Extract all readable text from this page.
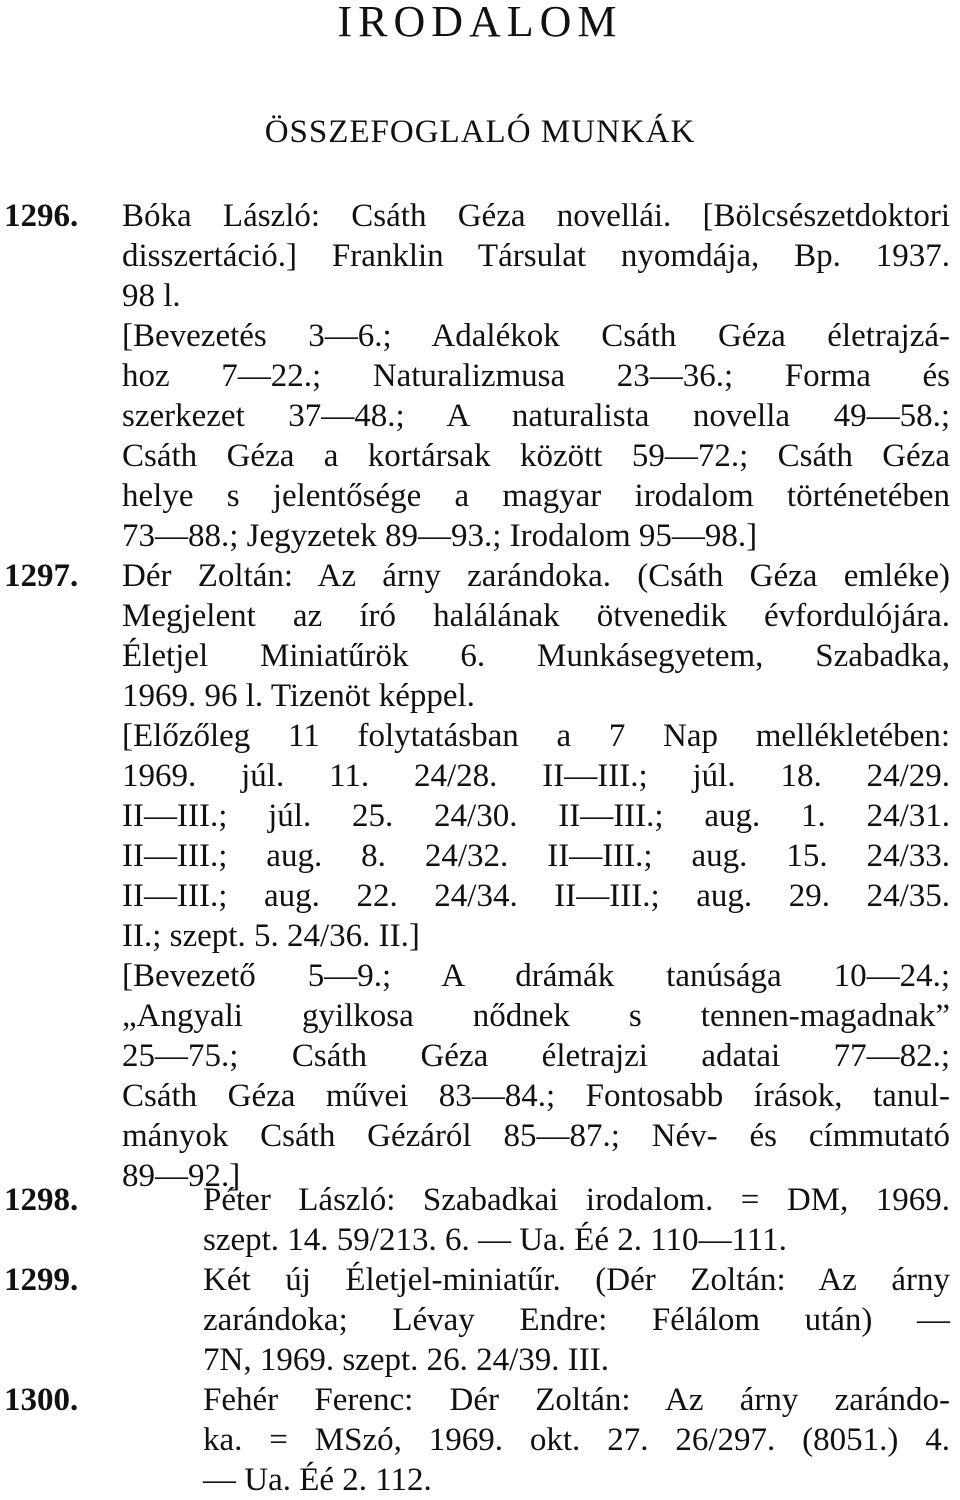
IRODALOM
ÖSSZEFOGLALÓ MUNKÁK
1296. Bóka László: Csáth Géza novellái. [Bölcsészetdoktori
disszertáció.] Franklin Társulat nyomdája, Bp. 1937.
98 l.
[Bevezetés 3—6.; Adalékok Csáth Géza életrajzá-
hoz 7—22.; Naturalizmusa 23—36.; Forma és
szerkezet 37—48.; A naturalista novella 49—58.;
Csáth Géza a kortársak között 59—72.; Csáth Géza
helye s jelentősége a magyar irodalom történetében
73—88.; Jegyzetek 89—93.; Irodalom 95—98.]
1297. Dér Zoltán: Az árny zarándoka. (Csáth Géza emléke)
Megjelent az író halálának ötvenedik évfordulójára.
Életjel Miniatűrök 6. Munkásegyetem, Szabadka,
1969. 96 l. Tizenöt képpel.
[Előzőleg 11 folytatásban a 7 Nap mellékletében:
1969. júl. 11. 24/28. II—III.; júl. 18. 24/29.
II—III.; júl. 25. 24/30. II—III.; aug. 1. 24/31.
II—III.; aug. 8. 24/32. II—III.; aug. 15. 24/33.
II—III.; aug. 22. 24/34. II—III.; aug. 29. 24/35.
II.; szept. 5. 24/36. II.]
[Bevezető 5—9.; A drámák tanúsága 10—24.;
„Angyali gyilkosa nődnek s tennen-magadnak”
25—75.; Csáth Géza életrajzi adatai 77—82.;
Csáth Géza művei 83—84.; Fontosabb írások, tanul-
mányok Csáth Gézáról 85—87.; Név- és címmutató
89—92.]
1298.	Péter László: Szabadkai irodalom. = DM, 1969.
szept. 14. 59/213. 6. — Ua. Éé 2. 110—111.
1299.	Két új Életjel-miniatűr. (Dér Zoltán: Az árny
zarándoka; Lévay Endre: Félálom után) —
7N, 1969. szept. 26. 24/39. III.
1300.	Fehér Ferenc: Dér Zoltán: Az árny zarándo-
ka. = MSzó, 1969. okt. 27. 26/297. (8051.) 4.
— Ua. Éé 2. 112.
